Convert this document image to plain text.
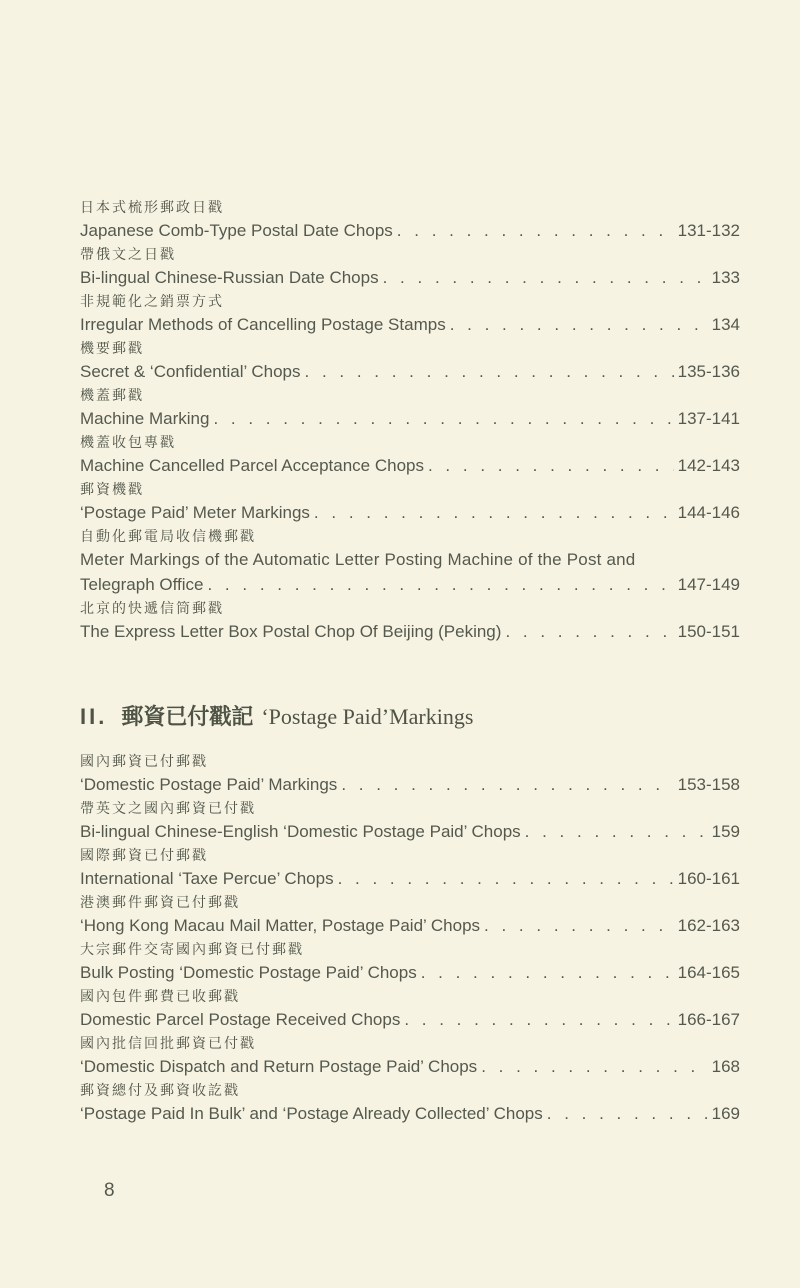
日本式梳形郵政日戳
Japanese Comb-Type Postal Date Chops . . .	131-132
帶俄文之日戳
Bi-lingual Chinese-Russian Date Chops . . .	133
非規範化之銷票方式
Irregular Methods of Cancelling Postage Stamps . . .	134
機要郵戳
Secret & ‘Confidential’ Chops . . .	135-136
機蓋郵戳
Machine Marking . . .	137-141
機蓋收包專戳
Machine Cancelled Parcel Acceptance Chops . . .	142-143
郵資機戳
‘Postage Paid’ Meter Markings . . .	144-146
自動化郵電局收信機郵戳
Meter Markings of the Automatic Letter Posting Machine of the Post and
Telegraph Office . . .	147-149
北京的快遞信筒郵戳
The Express Letter Box Postal Chop Of Beijing (Peking) . . .	150-151
II. 郵資已付戳記 ‘Postage Paid’Markings
國內郵資已付郵戳
‘Domestic Postage Paid’ Markings . . .	153-158
帶英文之國內郵資已付戳
Bi-lingual Chinese-English ‘Domestic Postage Paid’ Chops . . .	159
國際郵資已付郵戳
International ‘Taxe Percue’ Chops . . .	160-161
港澳郵件郵資已付郵戳
‘Hong Kong Macau Mail Matter, Postage Paid’ Chops . . .	162-163
大宗郵件交寄國內郵資已付郵戳
Bulk Posting ‘Domestic Postage Paid’ Chops . . .	164-165
國內包件郵費已收郵戳
Domestic Parcel Postage Received Chops . . .	166-167
國內批信回批郵資已付戳
‘Domestic Dispatch and Return Postage Paid’ Chops . . .	168
郵資總付及郵資收訖戳
‘Postage Paid In Bulk’ and ‘Postage Already Collected’ Chops . . .	169
8
